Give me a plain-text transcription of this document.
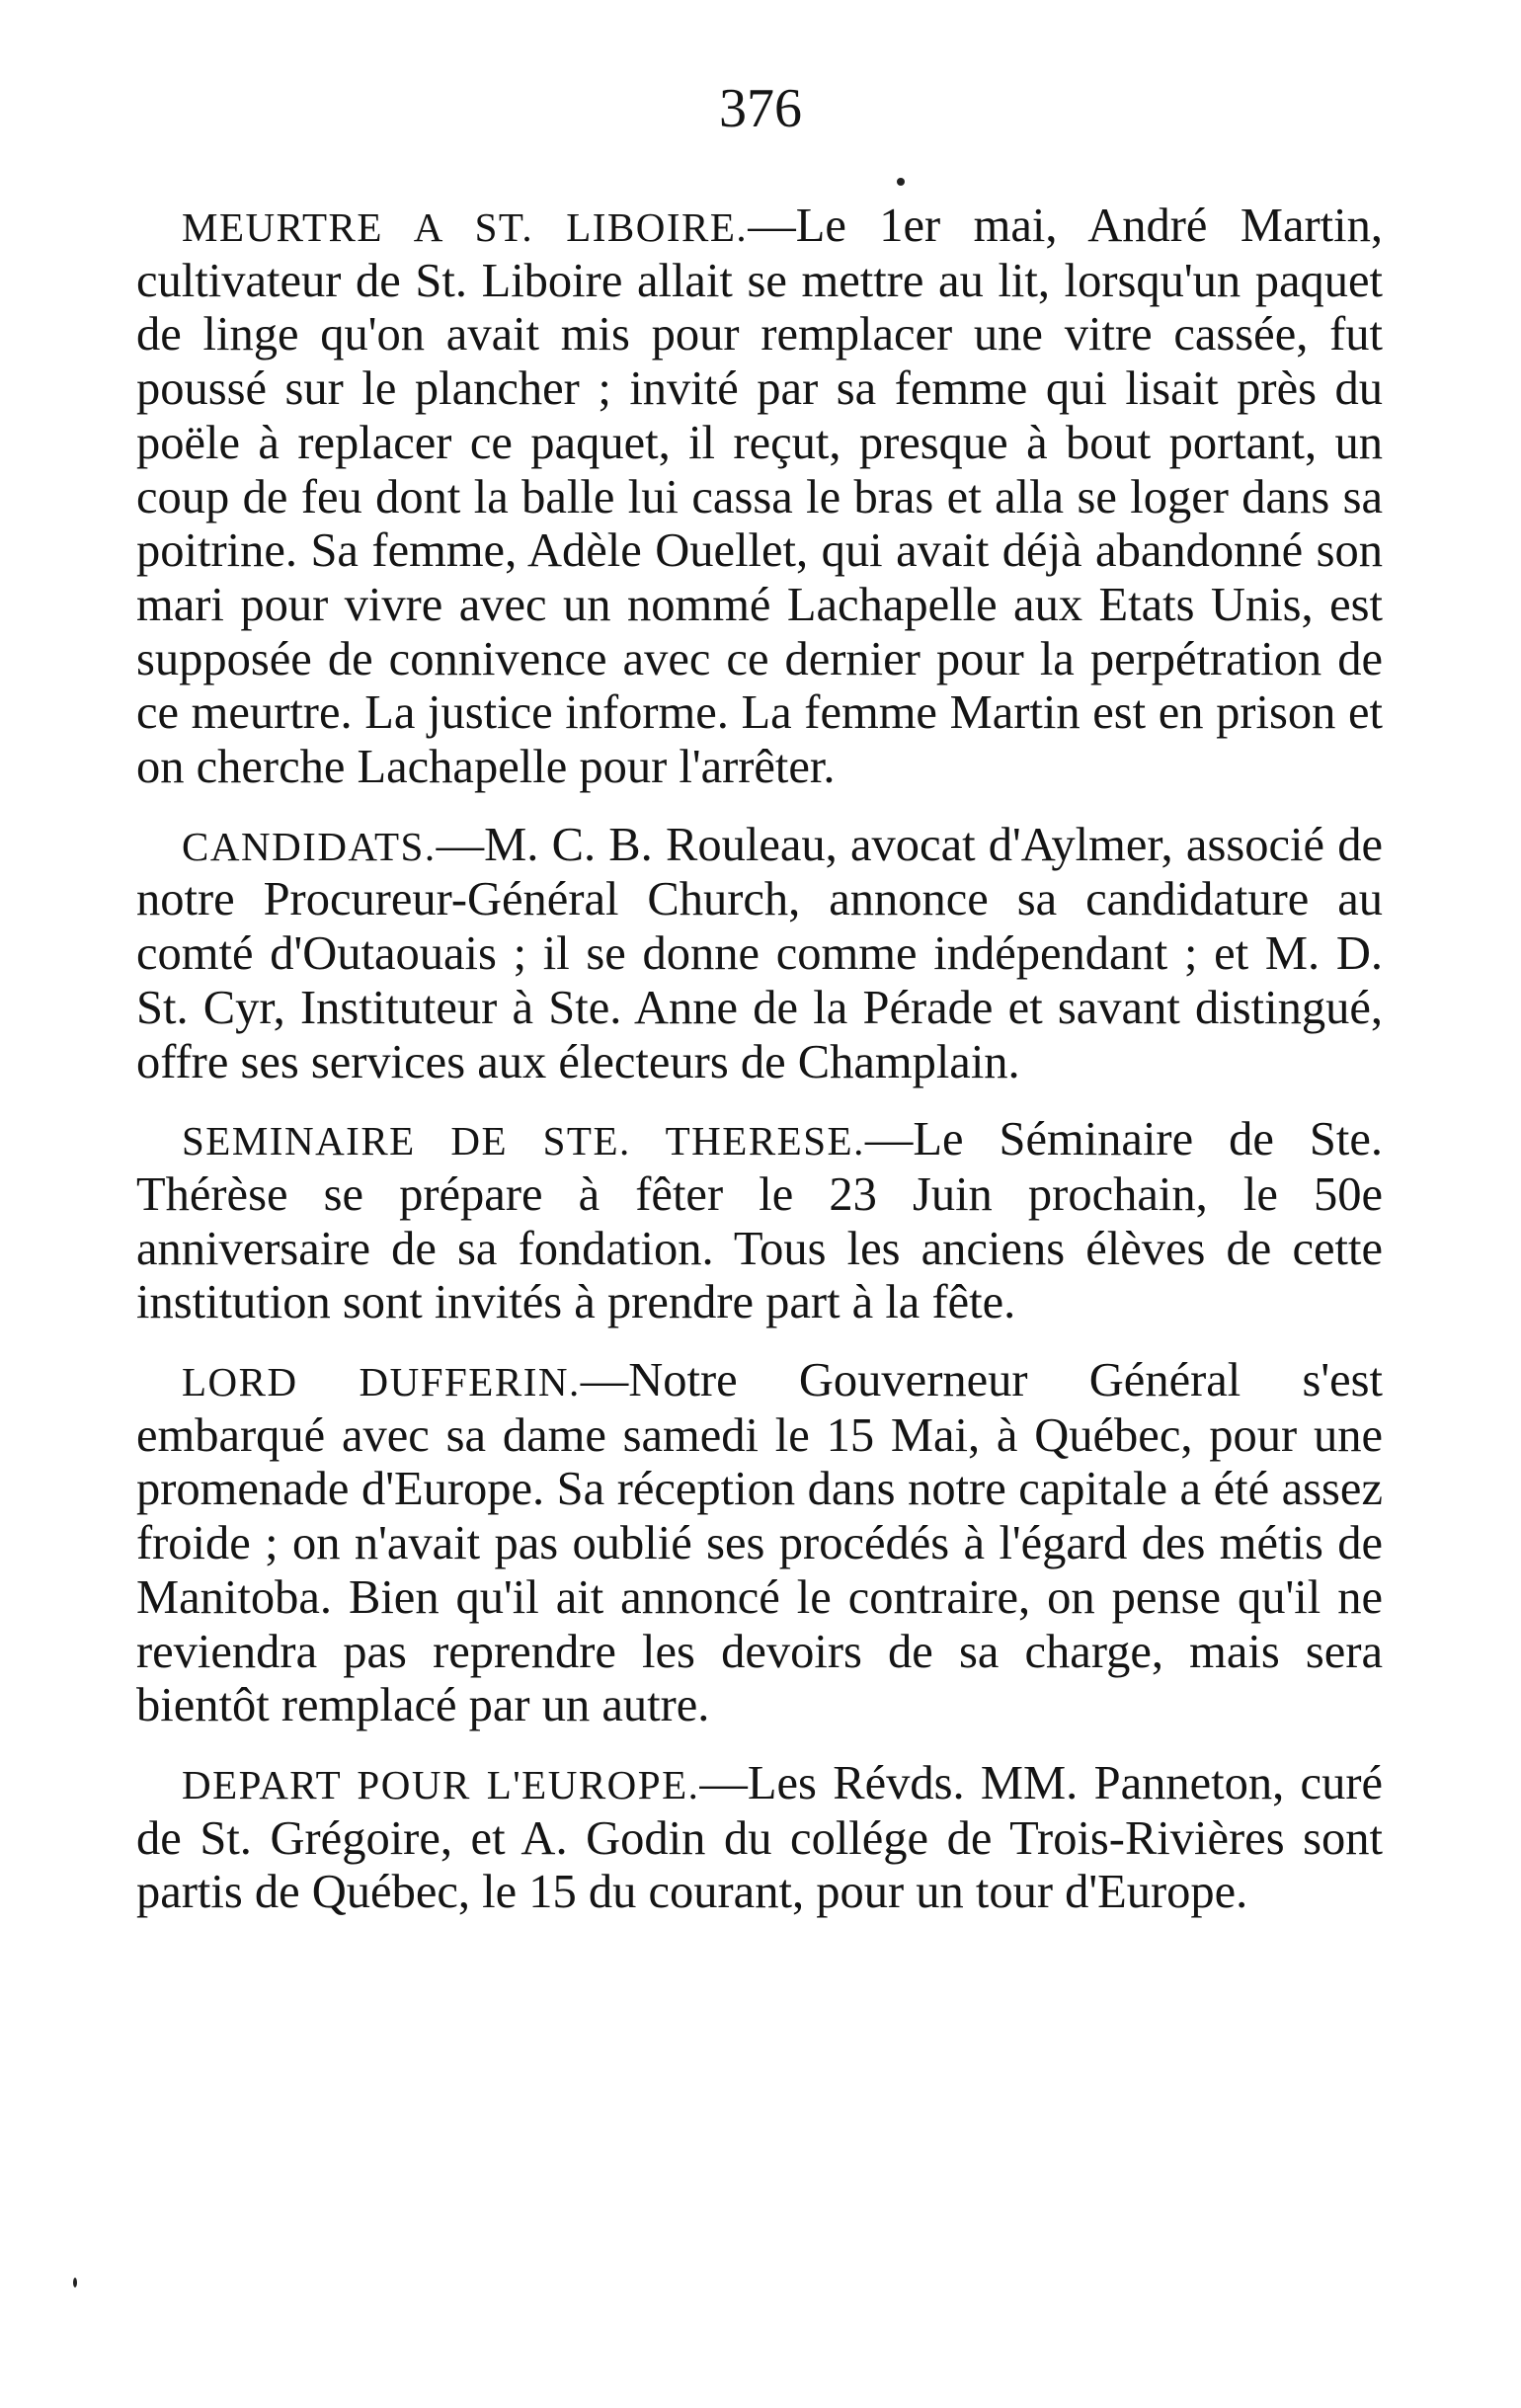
376

MEURTRE A ST. LIBOIRE.—Le 1er mai, André Martin, cultivateur de St. Liboire allait se mettre au lit, lorsqu'un paquet de linge qu'on avait mis pour remplacer une vitre cassée, fut poussé sur le plancher ; invité par sa femme qui lisait près du poële à replacer ce paquet, il reçut, presque à bout portant, un coup de feu dont la balle lui cassa le bras et alla se loger dans sa poitrine. Sa femme, Adèle Ouellet, qui avait déjà abandonné son mari pour vivre avec un nommé Lachapelle aux Etats Unis, est supposée de connivence avec ce dernier pour la perpétration de ce meurtre. La justice informe. La femme Martin est en prison et on cherche Lachapelle pour l'arrêter.

CANDIDATS.—M. C. B. Rouleau, avocat d'Aylmer, associé de notre Procureur-Général Church, annonce sa candidature au comté d'Outaouais ; il se donne comme indépendant ; et M. D. St. Cyr, Instituteur à Ste. Anne de la Pérade et savant distingué, offre ses services aux électeurs de Champlain.

SEMINAIRE DE STE. THERESE.—Le Séminaire de Ste. Thérèse se prépare à fêter le 23 Juin prochain, le 50e anniversaire de sa fondation. Tous les anciens élèves de cette institution sont invités à prendre part à la fête.

LORD DUFFERIN.—Notre Gouverneur Général s'est embarqué avec sa dame samedi le 15 Mai, à Québec, pour une promenade d'Europe. Sa réception dans notre capitale a été assez froide ; on n'avait pas oublié ses procédés à l'égard des métis de Manitoba. Bien qu'il ait annoncé le contraire, on pense qu'il ne reviendra pas reprendre les devoirs de sa charge, mais sera bientôt remplacé par un autre.

DEPART POUR L'EUROPE.—Les Révds. MM. Panneton, curé de St. Grégoire, et A. Godin du collége de Trois-Rivières sont partis de Québec, le 15 du courant, pour un tour d'Europe.
